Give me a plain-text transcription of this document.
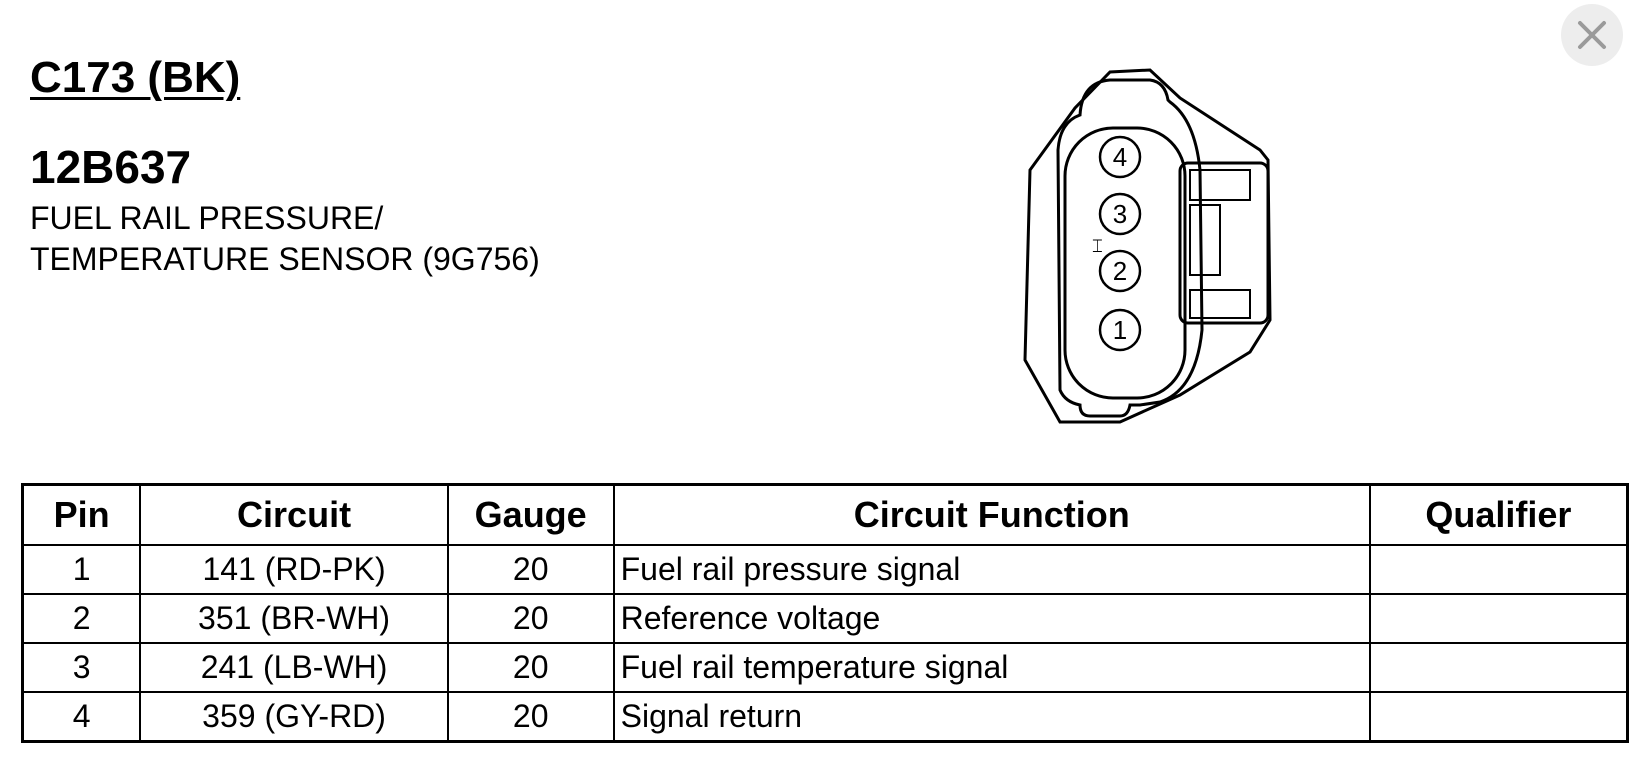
C173 (BK)
12B637
FUEL RAIL PRESSURE/
TEMPERATURE SENSOR (9G756)	⌶
4
3
2
1
Pin	Circuit	Gauge	Circuit Function	Qualifier
1	141 (RD-PK)	20	Fuel rail pressure signal	
2	351 (BR-WH)	20	Reference voltage	
3	241 (LB-WH)	20	Fuel rail temperature signal	
4	359 (GY-RD)	20	Signal return	
